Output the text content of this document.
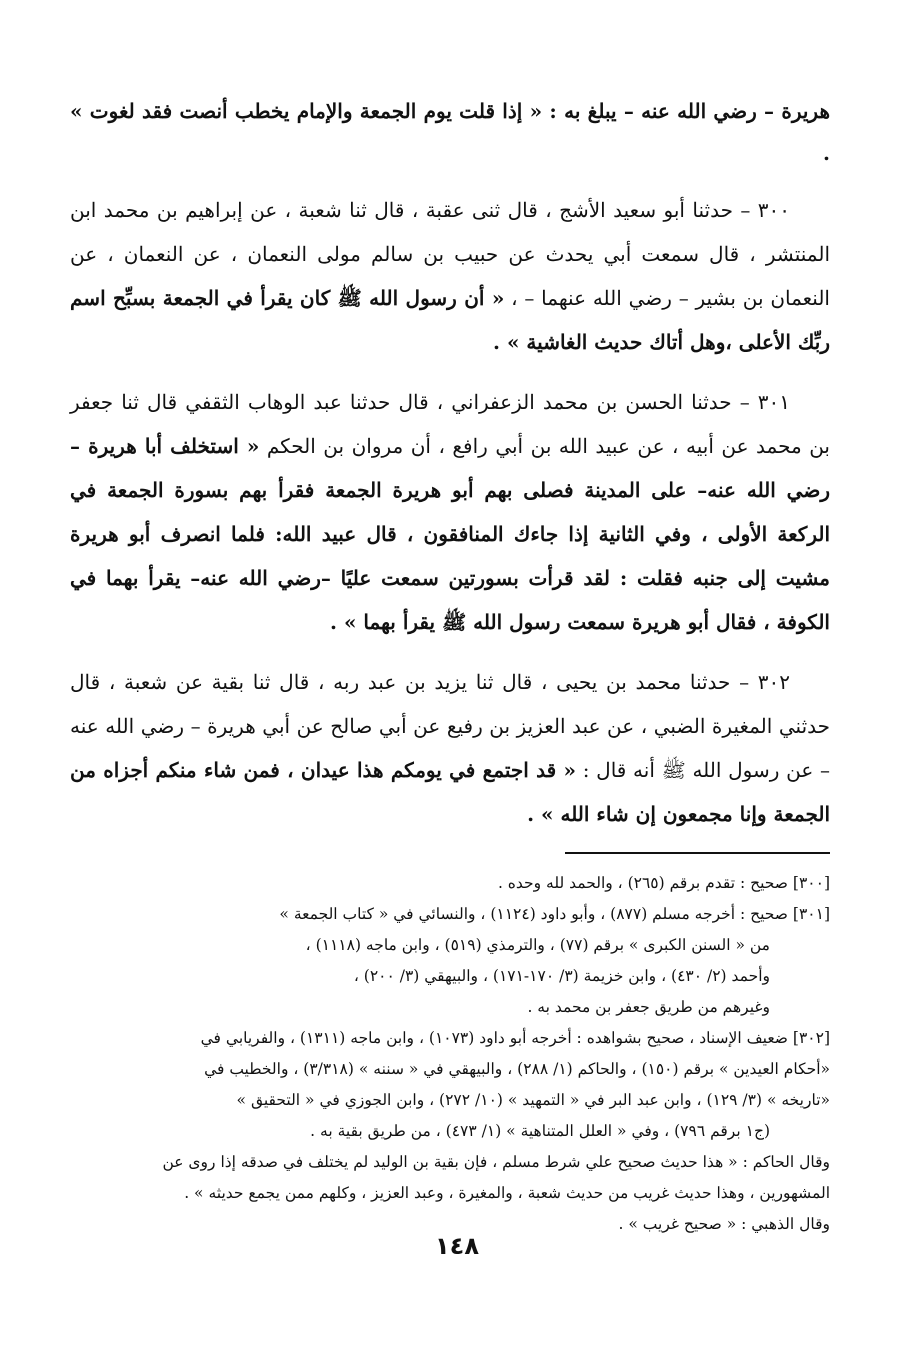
هريرة – رضي الله عنه – يبلغ به : « إذا قلت يوم الجمعة والإمام يخطب أنصت فقد لغوت » .

٣٠٠ – حدثنا أبو سعيد الأشج ، قال ثنى عقبة ، قال ثنا شعبة ، عن إبراهيم بن محمد ابن المنتشر ، قال سمعت أبي يحدث عن حبيب بن سالم مولى النعمان ، عن النعمان ، عن النعمان بن بشير – رضي الله عنهما – ، « أن رسول الله ﷺ كان يقرأ في الجمعة بسبِّح اسم ربِّك الأعلى ،وهل أتاك حديث الغاشية » .

٣٠١ – حدثنا الحسن بن محمد الزعفراني ، قال حدثنا عبد الوهاب الثقفي قال ثنا جعفر بن محمد عن أبيه ، عن عبيد الله بن أبي رافع ، أن مروان بن الحكم « استخلف أبا هريرة – رضي الله عنه– على المدينة فصلى بهم أبو هريرة الجمعة فقرأ بهم بسورة الجمعة في الركعة الأولى ، وفي الثانية إذا جاءك المنافقون ، قال عبيد الله: فلما انصرف أبو هريرة مشيت إلى جنبه فقلت : لقد قرأت بسورتين سمعت عليًا –رضي الله عنه– يقرأ بهما في الكوفة ، فقال أبو هريرة سمعت رسول الله ﷺ يقرأ بهما » .

٣٠٢ – حدثنا محمد بن يحيى ، قال ثنا يزيد بن عبد ربه ، قال ثنا بقية عن شعبة ، قال حدثني المغيرة الضبي ، عن عبد العزيز بن رفيع عن أبي صالح عن أبي هريرة – رضي الله عنه – عن رسول الله ﷺ أنه قال : « قد اجتمع في يومكم هذا عيدان ، فمن شاء منكم أجزاه من الجمعة وإنا مجمعون إن شاء الله » .

[٣٠٠] صحيح : تقدم برقم (٢٦٥) ، والحمد لله وحده .

[٣٠١] صحيح : أخرجه مسلم (٨٧٧) ، وأبو داود (١١٢٤) ، والنسائي في « كتاب الجمعة »
من « السنن الكبرى » برقم (٧٧) ، والترمذي (٥١٩) ، وابن ماجه (١١١٨) ،
وأحمد (٢/ ٤٣٠) ، وابن خزيمة (٣/ ١٧٠-١٧١) ، والبيهقي (٣/ ٢٠٠) ،
وغيرهم من طريق جعفر بن محمد به .

[٣٠٢] ضعيف الإسناد ، صحيح بشواهده : أخرجه أبو داود (١٠٧٣) ، وابن ماجه (١٣١١) ، والفريابي في
«أحكام العيدين » برقم (١٥٠) ، والحاكم (١/ ٢٨٨) ، والبيهقي في « سننه » (٣/٣١٨) ، والخطيب في
«تاريخه » (٣/ ١٢٩) ، وابن عبد البر في « التمهيد » (١٠/ ٢٧٢) ، وابن الجوزي في « التحقيق »
(ج١ برقم ٧٩٦) ، وفي « العلل المتناهية » (١/ ٤٧٣) ، من طريق بقية به .

وقال الحاكم : « هذا حديث صحيح علي شرط مسلم ، فإن بقية بن الوليد لم يختلف في صدقه إذا روى عن
المشهورين ، وهذا حديث غريب من حديث شعبة ، والمغيرة ، وعبد العزيز ، وكلهم ممن يجمع حديثه » .
وقال الذهبي : « صحيح غريب » .

١٤٨
